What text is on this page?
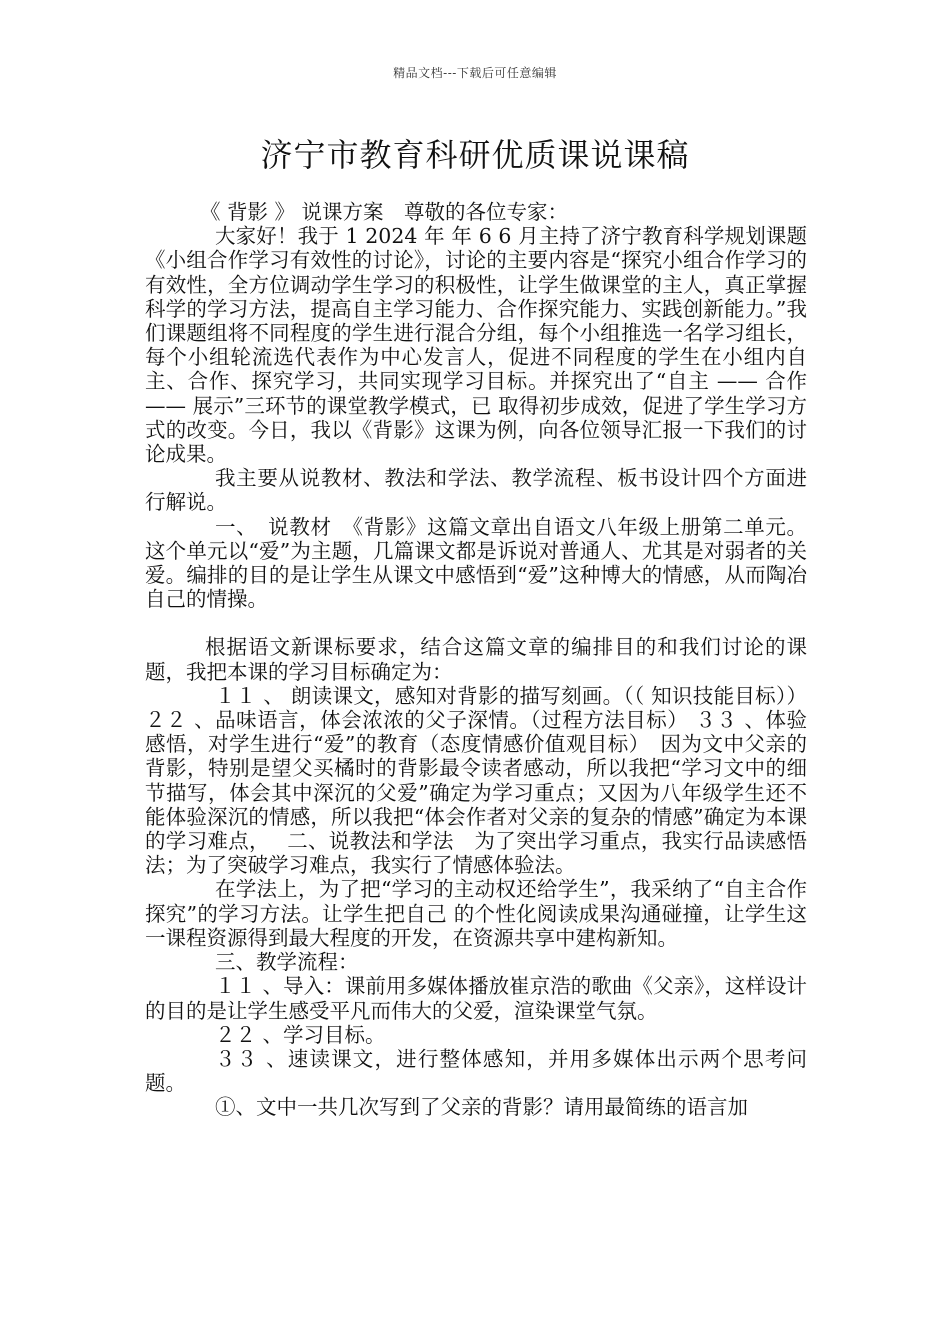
精品文档---下载后可任意编辑
济宁市教育科研优质课说课稿

《 背影 》 说课方案　尊敬的各位专家：

大家好！我于 1 2024 年 年 6 6 月主持了济宁教育科学规划课题《小组合作学习有效性的讨论》，讨论的主要内容是“探究小组合作学习的有效性，全方位调动学生学习的积极性，让学生做课堂的主人，真正掌握科学的学习方法，提高自主学习能力、合作探究能力、实践创新能力。”我们课题组将不同程度的学生进行混合分组，每个小组推选一名学习组长，每个小组轮流选代表作为中心发言人，促进不同程度的学生在小组内自主、合作、探究学习，共同实现学习目标。并探究出了“自主 —— 合作 —— 展示”三环节的课堂教学模式，已 取得初步成效，促进了学生学习方式的改变。今日，我以《背影》这课为例，向各位领导汇报一下我们的讨论成果。

我主要从说教材、教法和学法、教学流程、板书设计四个方面进行解说。

一、　说教材　《背影》这篇文章出自语文八年级上册第二单元。这个单元以“爱”为主题，几篇课文都是诉说对普通人、尤其是对弱者的关爱。编排的目的是让学生从课文中感悟到“爱”这种博大的情感，从而陶冶自己的情操。

根据语文新课标要求，结合这篇文章的编排目的和我们讨论的课题，我把本课的学习目标确定为：

１１ 、 朗读课文，感知对背影的描写刻画。（（ 知识技能目标）） ２２ 、品味语言，体会浓浓的父子深情。（过程方法目标） ３３ 、体验感悟，对学生进行“爱”的教育（态度情感价值观目标）　因为文中父亲的背影，特别是望父买橘时的背影最令读者感动，所以我把“学习文中的细节描写，体会其中深沉的父爱”确定为学习重点；又因为八年级学生还不能体验深沉的情感，所以我把“体会作者对父亲的复杂的情感”确定为本课的学习难点，　 二、说教法和学法　为了突出学习重点，我实行品读感悟法；为了突破学习难点，我实行了情感体验法。

在学法上，为了把“学习的主动权还给学生”，我采纳了“自主合作探究”的学习方法。让学生把自己 的个性化阅读成果沟通碰撞，让学生这一课程资源得到最大程度的开发，在资源共享中建构新知。

三、教学流程：

１１ 、导入：课前用多媒体播放崔京浩的歌曲《父亲》，这样设计的目的是让学生感受平凡而伟大的父爱，渲染课堂气氛。

２２ 、学习目标。

３３ 、速读课文，进行整体感知，并用多媒体出示两个思考问题。

①、文中一共几次写到了父亲的背影？请用最简练的语言加
